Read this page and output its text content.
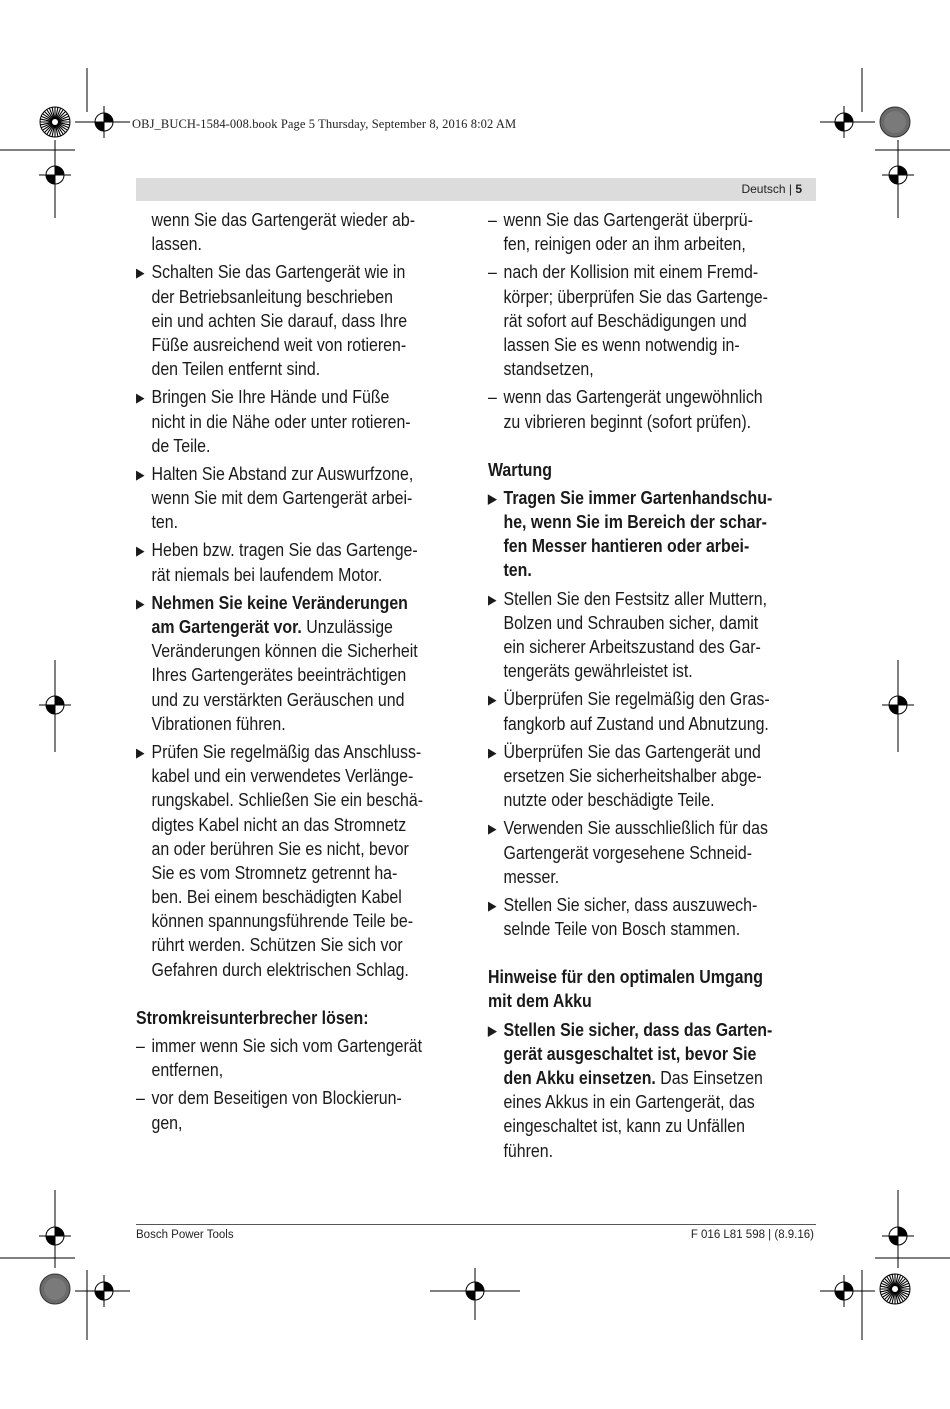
OBJ_BUCH-1584-008.book Page 5 Thursday, September 8, 2016 8:02 AM
Deutsch | 5
wenn Sie das Gartengerät wieder ab-
lassen.
▶ Schalten Sie das Gartengerät wie in
der Betriebsanleitung beschrieben
ein und achten Sie darauf, dass Ihre
Füße ausreichend weit von rotieren-
den Teilen entfernt sind.
▶ Bringen Sie Ihre Hände und Füße
nicht in die Nähe oder unter rotieren-
de Teile.
▶ Halten Sie Abstand zur Auswurfzone,
wenn Sie mit dem Gartengerät arbei-
ten.
▶ Heben bzw. tragen Sie das Gartenge-
rät niemals bei laufendem Motor.
▶ Nehmen Sie keine Veränderungen
am Gartengerät vor. Unzulässige
Veränderungen können die Sicherheit
Ihres Gartengerätes beeinträchtigen
und zu verstärkten Geräuschen und
Vibrationen führen.
▶ Prüfen Sie regelmäßig das Anschluss-
kabel und ein verwendetes Verlänge-
rungskabel. Schließen Sie ein beschä-
digtes Kabel nicht an das Stromnetz
an oder berühren Sie es nicht, bevor
Sie es vom Stromnetz getrennt ha-
ben. Bei einem beschädigten Kabel
können spannungsführende Teile be-
rührt werden. Schützen Sie sich vor
Gefahren durch elektrischen Schlag.
Stromkreisunterbrecher lösen:
– immer wenn Sie sich vom Gartengerät
entfernen,
– vor dem Beseitigen von Blockierun-
gen,
– wenn Sie das Gartengerät überprü-
fen, reinigen oder an ihm arbeiten,
– nach der Kollision mit einem Fremd-
körper; überprüfen Sie das Gartenge-
rät sofort auf Beschädigungen und
lassen Sie es wenn notwendig in-
standsetzen,
– wenn das Gartengerät ungewöhnlich
zu vibrieren beginnt (sofort prüfen).
Wartung
▶ Tragen Sie immer Gartenhandschu-
he, wenn Sie im Bereich der schar-
fen Messer hantieren oder arbei-
ten.
▶ Stellen Sie den Festsitz aller Muttern,
Bolzen und Schrauben sicher, damit
ein sicherer Arbeitszustand des Gar-
tengeräts gewährleistet ist.
▶ Überprüfen Sie regelmäßig den Gras-
fangkorb auf Zustand und Abnutzung.
▶ Überprüfen Sie das Gartengerät und
ersetzen Sie sicherheitshalber abge-
nutzte oder beschädigte Teile.
▶ Verwenden Sie ausschließlich für das
Gartengerät vorgesehene Schneid-
messer.
▶ Stellen Sie sicher, dass auszuwech-
selnde Teile von Bosch stammen.
Hinweise für den optimalen Umgang
mit dem Akku
▶ Stellen Sie sicher, dass das Garten-
gerät ausgeschaltet ist, bevor Sie
den Akku einsetzen. Das Einsetzen
eines Akkus in ein Gartengerät, das
eingeschaltet ist, kann zu Unfällen
führen.
Bosch Power Tools	F 016 L81 598 | (8.9.16)
